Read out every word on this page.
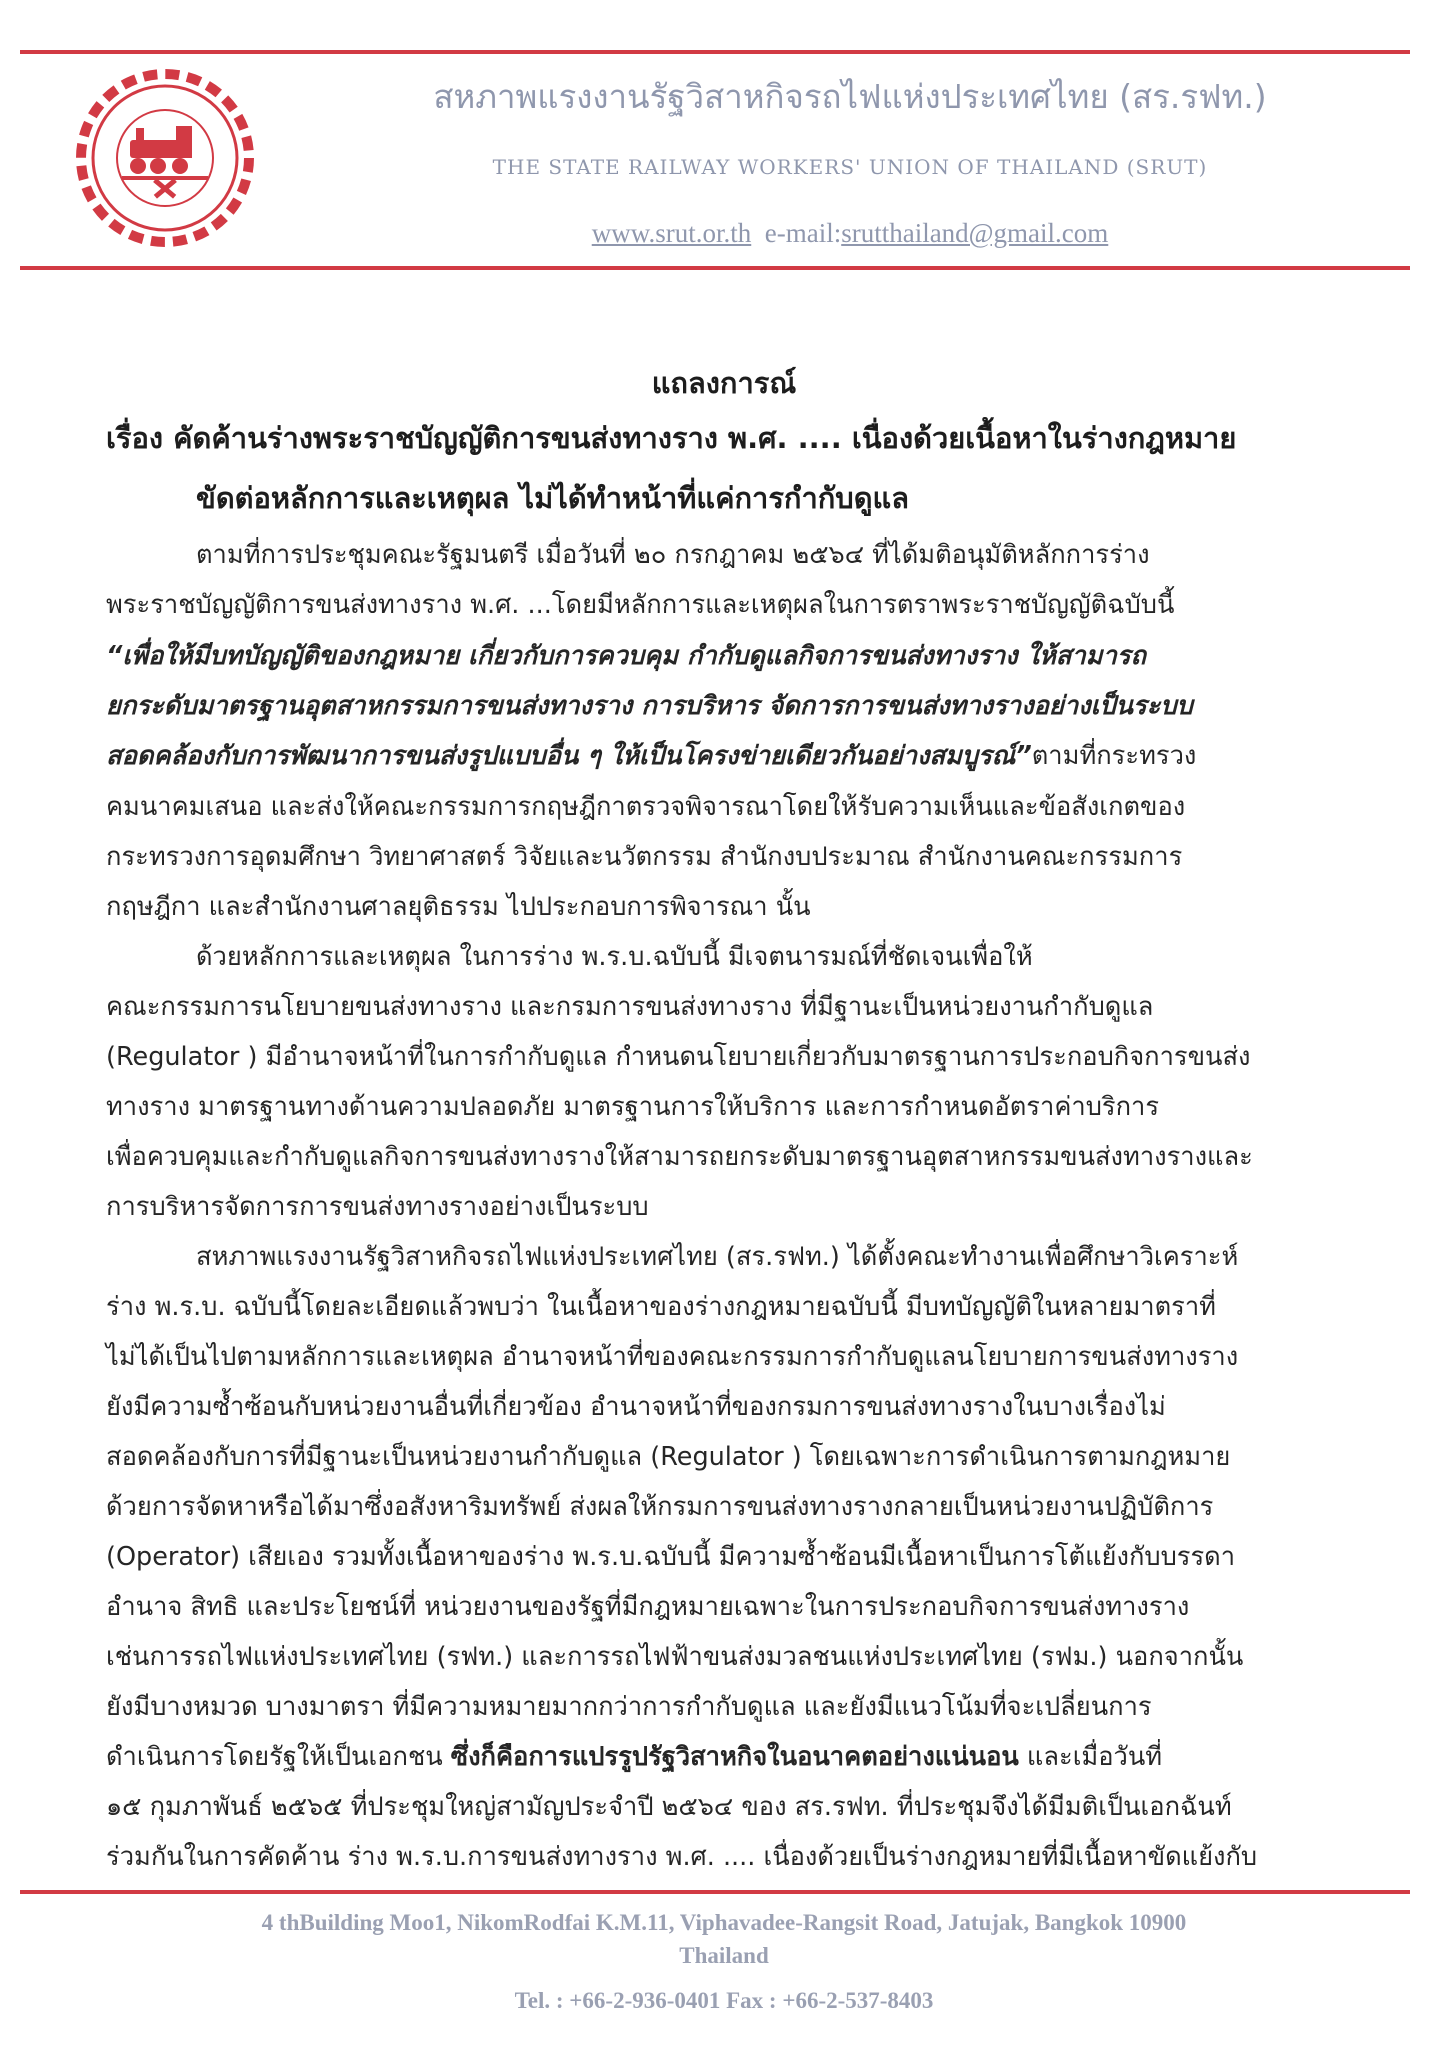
สหภาพแรงงานรัฐวิสาหกิจรถไฟแห่งประเทศไทย (สร.รฟท.)
THE STATE RAILWAY WORKERS' UNION OF THAILAND (SRUT)
www.srut.or.th e-mail:srutthailand@gmail.com
แถลงการณ์
เรื่อง คัดค้านร่างพระราชบัญญัติการขนส่งทางราง พ.ศ. .... เนื่องด้วยเนื้อหาในร่างกฎหมาย
ขัดต่อหลักการและเหตุผล ไม่ได้ทำหน้าที่แค่การกำกับดูแล
ตามที่การประชุมคณะรัฐมนตรี เมื่อวันที่ ๒๐ กรกฎาคม ๒๕๖๔ ที่ได้มติอนุมัติหลักการร่าง
พระราชบัญญัติการขนส่งทางราง พ.ศ. ...โดยมีหลักการและเหตุผลในการตราพระราชบัญญัติฉบับนี้
“เพื่อให้มีบทบัญญัติของกฎหมาย เกี่ยวกับการควบคุม กำกับดูแลกิจการขนส่งทางราง ให้สามารถ
ยกระดับมาตรฐานอุตสาหกรรมการขนส่งทางราง การบริหาร จัดการการขนส่งทางรางอย่างเป็นระบบ
สอดคล้องกับการพัฒนาการขนส่งรูปแบบอื่น ๆ ให้เป็นโครงข่ายเดียวกันอย่างสมบูรณ์”ตามที่กระทรวง
คมนาคมเสนอ และส่งให้คณะกรรมการกฤษฎีกาตรวจพิจารณาโดยให้รับความเห็นและข้อสังเกตของ
กระทรวงการอุดมศึกษา วิทยาศาสตร์ วิจัยและนวัตกรรม สำนักงบประมาณ สำนักงานคณะกรรมการ
กฤษฎีกา และสำนักงานศาลยุติธรรม ไปประกอบการพิจารณา นั้น
ด้วยหลักการและเหตุผล ในการร่าง พ.ร.บ.ฉบับนี้ มีเจตนารมณ์ที่ชัดเจนเพื่อให้
คณะกรรมการนโยบายขนส่งทางราง และกรมการขนส่งทางราง ที่มีฐานะเป็นหน่วยงานกำกับดูแล
(Regulator ) มีอำนาจหน้าที่ในการกำกับดูแล กำหนดนโยบายเกี่ยวกับมาตรฐานการประกอบกิจการขนส่ง
ทางราง มาตรฐานทางด้านความปลอดภัย มาตรฐานการให้บริการ และการกำหนดอัตราค่าบริการ
เพื่อควบคุมและกำกับดูแลกิจการขนส่งทางรางให้สามารถยกระดับมาตรฐานอุตสาหกรรมขนส่งทางรางและ
การบริหารจัดการการขนส่งทางรางอย่างเป็นระบบ
สหภาพแรงงานรัฐวิสาหกิจรถไฟแห่งประเทศไทย (สร.รฟท.) ได้ตั้งคณะทำงานเพื่อศึกษาวิเคราะห์
ร่าง พ.ร.บ. ฉบับนี้โดยละเอียดแล้วพบว่า ในเนื้อหาของร่างกฎหมายฉบับนี้ มีบทบัญญัติในหลายมาตราที่
ไม่ได้เป็นไปตามหลักการและเหตุผล อำนาจหน้าที่ของคณะกรรมการกำกับดูแลนโยบายการขนส่งทางราง
ยังมีความซ้ำซ้อนกับหน่วยงานอื่นที่เกี่ยวข้อง อำนาจหน้าที่ของกรมการขนส่งทางรางในบางเรื่องไม่
สอดคล้องกับการที่มีฐานะเป็นหน่วยงานกำกับดูแล (Regulator ) โดยเฉพาะการดำเนินการตามกฎหมาย
ด้วยการจัดหาหรือได้มาซึ่งอสังหาริมทรัพย์ ส่งผลให้กรมการขนส่งทางรางกลายเป็นหน่วยงานปฏิบัติการ
(Operator) เสียเอง รวมทั้งเนื้อหาของร่าง พ.ร.บ.ฉบับนี้ มีความซ้ำซ้อนมีเนื้อหาเป็นการโต้แย้งกับบรรดา
อำนาจ สิทธิ และประโยชน์ที่ หน่วยงานของรัฐที่มีกฎหมายเฉพาะในการประกอบกิจการขนส่งทางราง
เช่นการรถไฟแห่งประเทศไทย (รฟท.) และการรถไฟฟ้าขนส่งมวลชนแห่งประเทศไทย (รฟม.) นอกจากนั้น
ยังมีบางหมวด บางมาตรา ที่มีความหมายมากกว่าการกำกับดูแล และยังมีแนวโน้มที่จะเปลี่ยนการ
ดำเนินการโดยรัฐให้เป็นเอกชน ซึ่งก็คือการแปรรูปรัฐวิสาหกิจในอนาคตอย่างแน่นอน และเมื่อวันที่
๑๕ กุมภาพันธ์ ๒๕๖๕ ที่ประชุมใหญ่สามัญประจำปี ๒๕๖๔ ของ สร.รฟท. ที่ประชุมจึงได้มีมติเป็นเอกฉันท์
ร่วมกันในการคัดค้าน ร่าง พ.ร.บ.การขนส่งทางราง พ.ศ. .... เนื่องด้วยเป็นร่างกฎหมายที่มีเนื้อหาขัดแย้งกับ
4 thBuilding Moo1, NikomRodfai K.M.11, Viphavadee-Rangsit Road, Jatujak, Bangkok 10900
Thailand
Tel. : +66-2-936-0401 Fax : +66-2-537-8403
